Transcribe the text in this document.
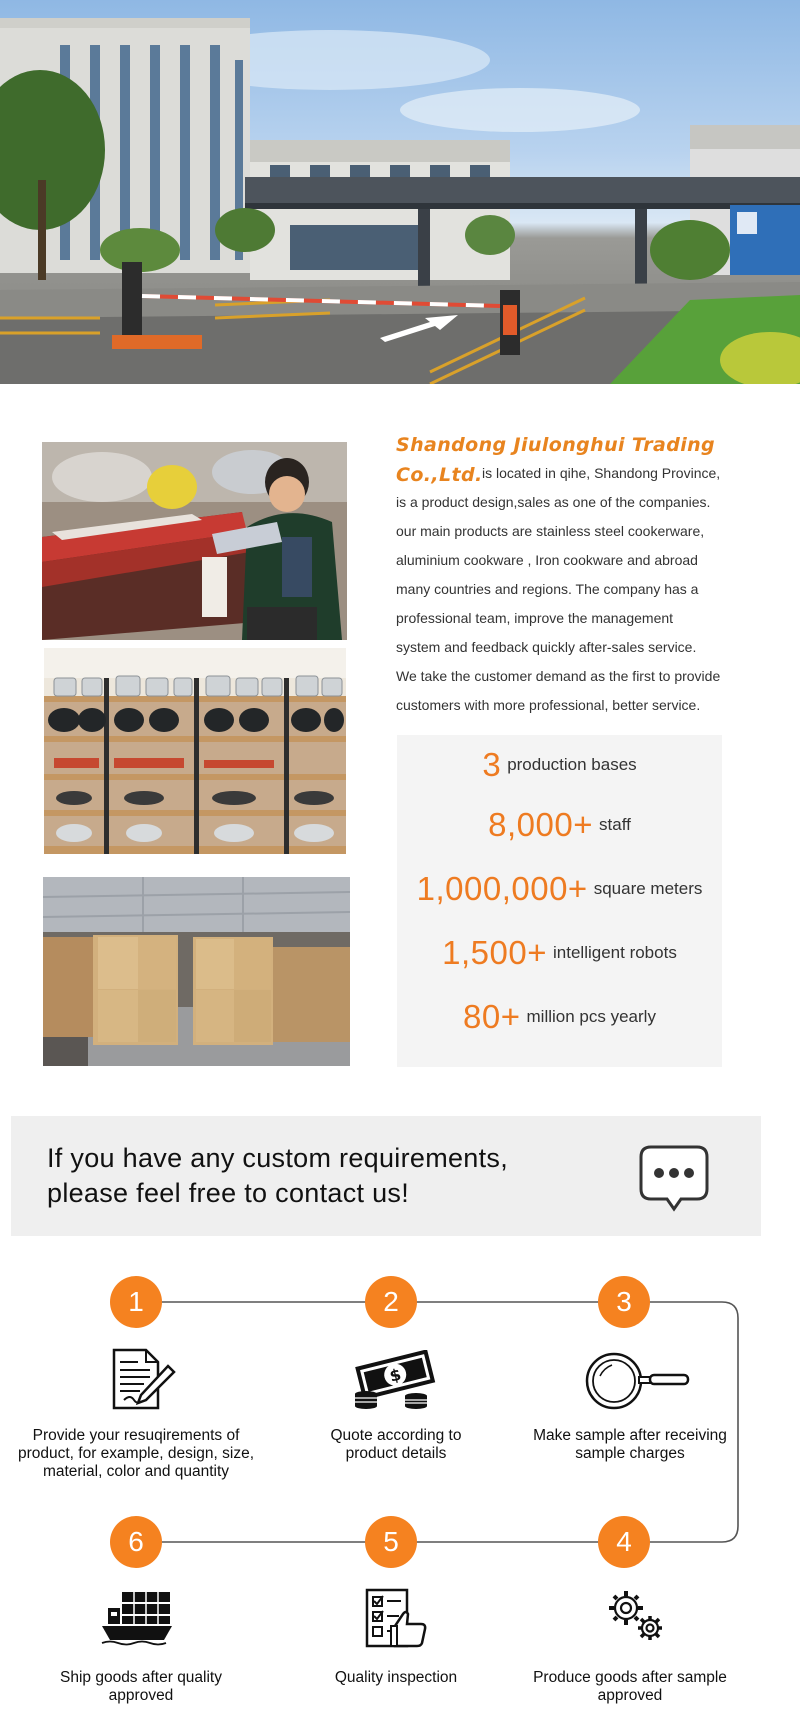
Shandong Jiulonghui Trading
Co.,Ltd. is located in qihe, Shandong Province,
is a product design,sales as one of the companies.
our main products are stainless steel cookerware,
aluminium cookware , Iron cookware and abroad
many countries and regions. The company has a
professional team, improve the management
system and feedback quickly after-sales service.
We take the customer demand as the first to provide
customers with more professional, better service.
3 production bases
8,000+ staff
1,000,000+ square meters
1,500+ intelligent robots
80+ million pcs yearly
If you have any custom requirements,
please feel free to contact us!
1	2	3
4
5
6
$
Provide your resuqirements of
product, for example, design, size,
material, color and quantity
Quote according to
product details
Make sample after receiving
sample charges
Produce goods after sample
approved
Quality inspection
Ship goods after quality
approved
